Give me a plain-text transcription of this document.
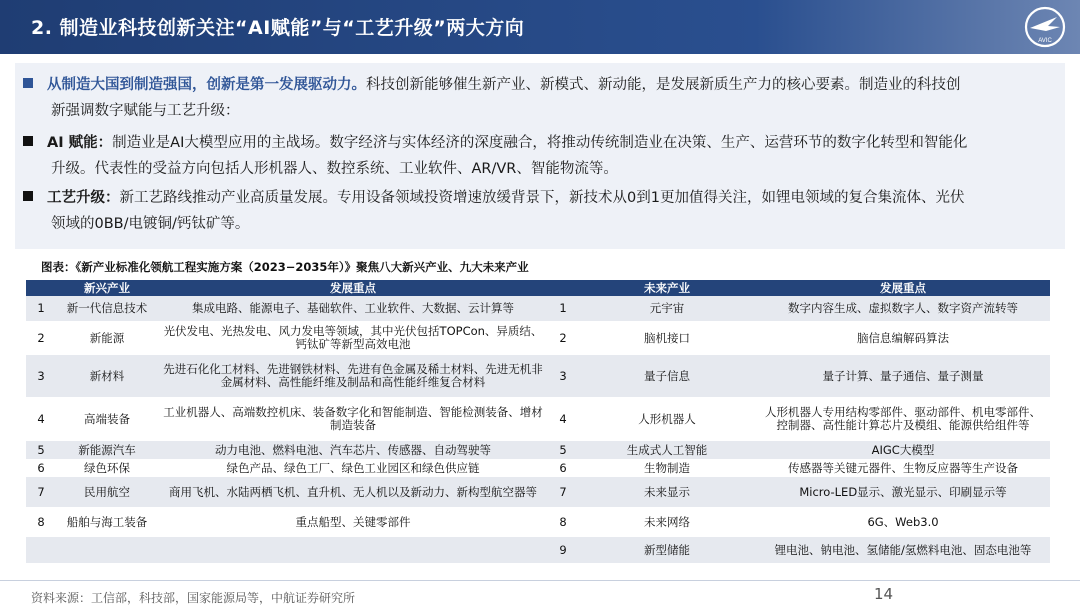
2. 制造业科技创新关注“AI赋能”与“工艺升级”两大方向
AVIC
从制造大国到制造强国，创新是第一发展驱动力。科技创新能够催生新产业、新模式、新动能，是发展新质生产力的核心要素。制造业的科技创
新强调数字赋能与工艺升级：
AI 赋能：制造业是AI大模型应用的主战场。数字经济与实体经济的深度融合，将推动传统制造业在决策、生产、运营环节的数字化转型和智能化
升级。代表性的受益方向包括人形机器人、数控系统、工业软件、AR/VR、智能物流等。
工艺升级：新工艺路线推动产业高质量发展。专用设备领域投资增速放缓背景下，新技术从0到1更加值得关注，如锂电领域的复合集流体、光伏
领域的0BB/电镀铜/钙钛矿等。
图表：《新产业标准化领航工程实施方案（2023−2035年）》聚焦八大新兴产业、九大未来产业
	新兴产业	发展重点		未来产业	发展重点
1	新一代信息技术	集成电路、能源电子、基础软件、工业软件、大数据、云计算等	1	元宇宙	数字内容生成、虚拟数字人、数字资产流转等
2	新能源	光伏发电、光热发电、风力发电等领域，其中光伏包括TOPCon、异质结、钙钛矿等新型高效电池	2	脑机接口	脑信息编解码算法
3	新材料	先进石化化工材料、先进钢铁材料、先进有色金属及稀土材料、先进无机非金属材料、高性能纤维及制品和高性能纤维复合材料	3	量子信息	量子计算、量子通信、量子测量
4	高端装备	工业机器人、高端数控机床、装备数字化和智能制造、智能检测装备、增材制造装备	4	人形机器人	人形机器人专用结构零部件、驱动部件、机电零部件、控制器、高性能计算芯片及模组、能源供给组件等
5	新能源汽车	动力电池、燃料电池、汽车芯片、传感器、自动驾驶等	5	生成式人工智能	AIGC大模型
6	绿色环保	绿色产品、绿色工厂、绿色工业园区和绿色供应链	6	生物制造	传感器等关键元器件、生物反应器等生产设备
7	民用航空	商用飞机、水陆两栖飞机、直升机、无人机以及新动力、新构型航空器等	7	未来显示	Micro-LED显示、激光显示、印刷显示等
8	船舶与海工装备	重点船型、关键零部件	8	未来网络	6G、Web3.0
			9	新型储能	锂电池、钠电池、氢储能/氢燃料电池、固态电池等
资料来源：工信部，科技部，国家能源局等，中航证券研究所	14
